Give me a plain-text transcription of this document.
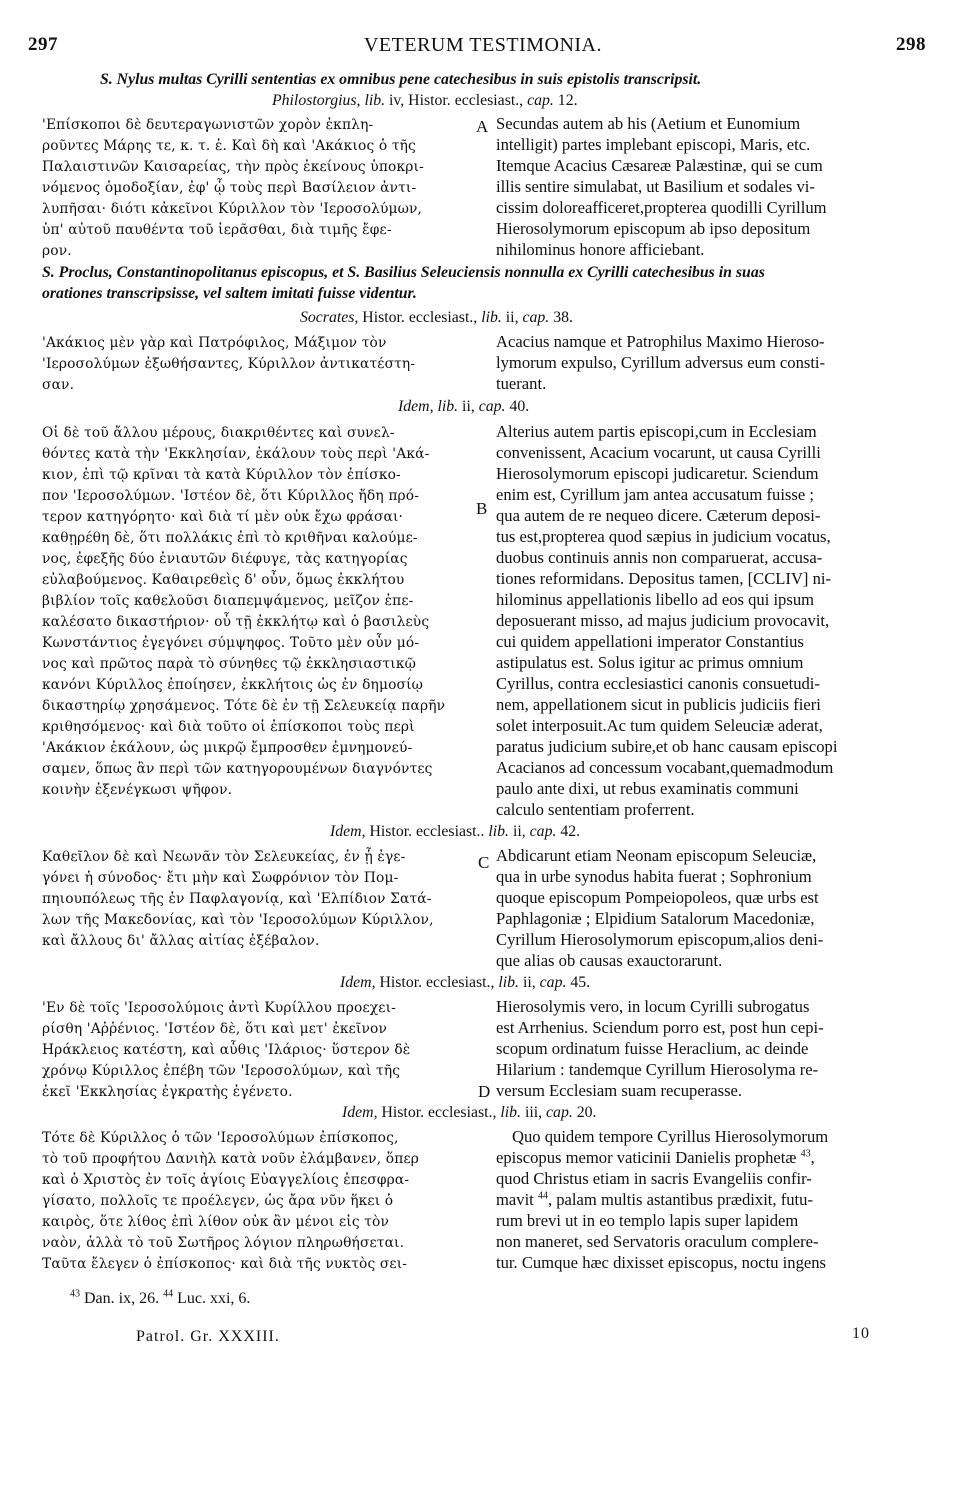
297	VETERUM TESTIMONIA.	298
S. Nylus multas Cyrilli sententias ex omnibus pene catechesibus in suis epistolis transcripsit.
Philostorgius, lib. iv, Histor. ecclesiast., cap. 12.
'Επίσκοποι δὲ δευτεραγωνιστῶν χορὸν ἐκπλη-
ροῦντες Μάρης τε, κ. τ. ἑ. Καὶ δὴ καὶ 'Ακάκιος ὁ τῆς
Παλαιστινῶν Καισαρείας, τὴν πρὸς ἐκείνους ὑποκρι-
νόμενος ὁμοδοξίαν, ἐφ' ᾧ τοὺς περὶ Βασίλειον ἀντι-
λυπῆσαι· διότι κἀκεῖνοι Κύριλλον τὸν 'Ιεροσολύμων,
ὑπ' αὐτοῦ παυθέντα τοῦ ἱερᾶσθαι, διὰ τιμῆς ἔφε-
ρον.
A Secundas autem ab his (Aetium et Eunomium
intelligit) partes implebant episcopi, Maris, etc.
Itemque Acacius Cæsareæ Palæstinæ, qui se cum
illis sentire simulabat, ut Basilium et sodales vi-
cissim doloreafficeret,propterea quodilli Cyrillum
Hierosolymorum episcopum ab ipso depositum
nihilominus honore afficiebant.
S. Proclus, Constantinopolitanus episcopus, et S. Basilius Seleuciensis nonnulla ex Cyrilli catechesibus in suas
orationes transcripsisse, vel saltem imitati fuisse videntur.
Socrates, Histor. ecclesiast., lib. ii, cap. 38.
'Ακάκιος μὲν γὰρ καὶ Πατρόφιλος, Μάξιμον τὸν
'Ιεροσολύμων ἐξωθήσαντες, Κύριλλον ἀντικατέστη-
σαν.
Acacius namque et Patrophilus Maximo Hieroso-
lymorum expulso, Cyrillum adversus eum consti-
tuerant.
Idem, lib. ii, cap. 40.
Οἱ δὲ τοῦ ἄλλου μέρους, διακριθέντες καὶ συνελ-
θόντες κατὰ τὴν 'Εκκλησίαν, ἐκάλουν τοὺς περὶ 'Ακά-
κιον, ἐπὶ τῷ κρῖναι τὰ κατὰ Κύριλλον τὸν ἐπίσκο-
πον 'Ιεροσολύμων. 'Ιστέον δὲ, ὅτι Κύριλλος ἤδη πρό-
τερον κατηγόρητο· καὶ διὰ τί μὲν οὐκ ἔχω φράσαι·
καθῃρέθη δὲ, ὅτι πολλάκις ἐπὶ τὸ κριθῆναι καλούμε-
νος, ἐφεξῆς δύο ἐνιαυτῶν διέφυγε, τὰς κατηγορίας
εὐλαβούμενος. Καθαιρεθεὶς δ' οὖν, ὅμως ἐκκλήτου
βιβλίον τοῖς καθελοῦσι διαπεμψάμενος, μεῖζον ἐπε-
καλέσατο δικαστήριον· οὗ τῇ ἐκκλήτῳ καὶ ὁ βασιλεὺς
Κωνστάντιος ἐγεγόνει σύμψηφος. Τοῦτο μὲν οὖν μό-
νος καὶ πρῶτος παρὰ τὸ σύνηθες τῷ ἐκκλησιαστικῷ
κανόνι Κύριλλος ἐποίησεν, ἐκκλήτοις ὡς ἐν δημοσίῳ
δικαστηρίῳ χρησάμενος. Τότε δὲ ἐν τῇ Σελευκείᾳ παρῆν
κριθησόμενος· καὶ διὰ τοῦτο οἱ ἐπίσκοποι τοὺς περὶ
'Ακάκιον ἐκάλουν, ὡς μικρῷ ἔμπροσθεν ἐμνημονεύ-
σαμεν, ὅπως ἂν περὶ τῶν κατηγορουμένων διαγνόντες
κοινὴν ἐξενέγκωσι ψῆφον.
B
C
Alterius autem partis episcopi,cum in Ecclesiam
convenissent, Acacium vocarunt, ut causa Cyrilli
Hierosolymorum episcopi judicaretur. Sciendum
enim est, Cyrillum jam antea accusatum fuisse ;
qua autem de re nequeo dicere. Cæterum deposi-
tus est,propterea quod sæpius in judicium vocatus,
duobus continuis annis non comparuerat, accusa-
tiones reformidans. Depositus tamen, [CCLIV] ni-
hilominus appellationis libello ad eos qui ipsum
deposuerant misso, ad majus judicium provocavit,
cui quidem appellationi imperator Constantius
astipulatus est. Solus igitur ac primus omnium
Cyrillus, contra ecclesiastici canonis consuetudi-
nem, appellationem sicut in publicis judiciis fieri
solet interposuit.Ac tum quidem Seleuciæ aderat,
paratus judicium subire,et ob hanc causam episcopi
Acacianos ad concessum vocabant,quemadmodum
paulo ante dixi, ut rebus examinatis communi
calculo sententiam proferrent.
Idem, Histor. ecclesiast.. lib. ii, cap. 42.
Καθεῖλον δὲ καὶ Νεωνᾶν τὸν Σελευκείας, ἐν ᾗ ἐγε-
γόνει ἡ σύνοδος· ἔτι μὴν καὶ Σωφρόνιον τὸν Πομ-
πηιουπόλεως τῆς ἐν Παφλαγονίᾳ, καὶ 'Ελπίδιον Σατά-
λων τῆς Μακεδονίας, καὶ τὸν 'Ιεροσολύμων Κύριλλον,
καὶ ἄλλους δι' ἄλλας αἰτίας ἐξέβαλον.
Abdicarunt etiam Neonam episcopum Seleuciæ,
qua in urbe synodus habita fuerat ; Sophronium
quoque episcopum Pompeiopoleos, quæ urbs est
Paphlagoniæ ; Elpidium Satalorum Macedoniæ,
Cyrillum Hierosolymorum episcopum,alios deni-
que alias ob causas exauctorarunt.
Idem, Histor. ecclesiast., lib. ii, cap. 45.
'Εν δὲ τοῖς 'Ιεροσολύμοις ἀντὶ Κυρίλλου προεχει-
ρίσθη 'Αῤῥένιος. 'Ιστέον δὲ, ὅτι καὶ μετ' ἐκεῖνον
Ηράκλειος κατέστη, καὶ αὖθις 'Ιλάριος· ὕστερον δὲ
χρόνῳ Κύριλλος ἐπέβη τῶν 'Ιεροσολύμων, καὶ τῆς
ἐκεῖ 'Εκκλησίας ἐγκρατὴς ἐγένετο.	D
Hierosolymis vero, in locum Cyrilli subrogatus
est Arrhenius. Sciendum porro est, post hun cepi-
scopum ordinatum fuisse Heraclium, ac deinde
Hilarium : tandemque Cyrillum Hierosolyma re-
versum Ecclesiam suam recuperasse.
Idem, Histor. ecclesiast., lib. iii, cap. 20.
Τότε δὲ Κύριλλος ὁ τῶν 'Ιεροσολύμων ἐπίσκοπος,
τὸ τοῦ προφήτου Δανιὴλ κατὰ νοῦν ἐλάμβανεν, ὅπερ
καὶ ὁ Χριστὸς ἐν τοῖς ἁγίοις Εὐαγγελίοις ἐπεσφρα-
γίσατο, πολλοῖς τε προέλεγεν, ὡς ἄρα νῦν ἥκει ὁ
καιρὸς, ὅτε λίθος ἐπὶ λίθον οὐκ ἂν μένοι εἰς τὸν
ναὸν, ἀλλὰ τὸ τοῦ Σωτῆρος λόγιον πληρωθήσεται.
Ταῦτα ἔλεγεν ὁ ἐπίσκοπος· καὶ διὰ τῆς νυκτὸς σει-
Quo quidem tempore Cyrillus Hierosolymorum
episcopus memor vaticinii Danielis prophetæ $^{43}$,
quod Christus etiam in sacris Evangeliis confir-
mavit $^{44}$, palam multis astantibus prædixit, futu-
rum brevi ut in eo templo lapis super lapidem
non maneret, sed Servatoris oraculum complere-
tur. Cumque hæc dixisset episcopus, noctu ingens
$^{43}$ Dan. ix, 26. $^{44}$ Luc. xxi, 6.
Patrol. Gr. XXXIII.	10
